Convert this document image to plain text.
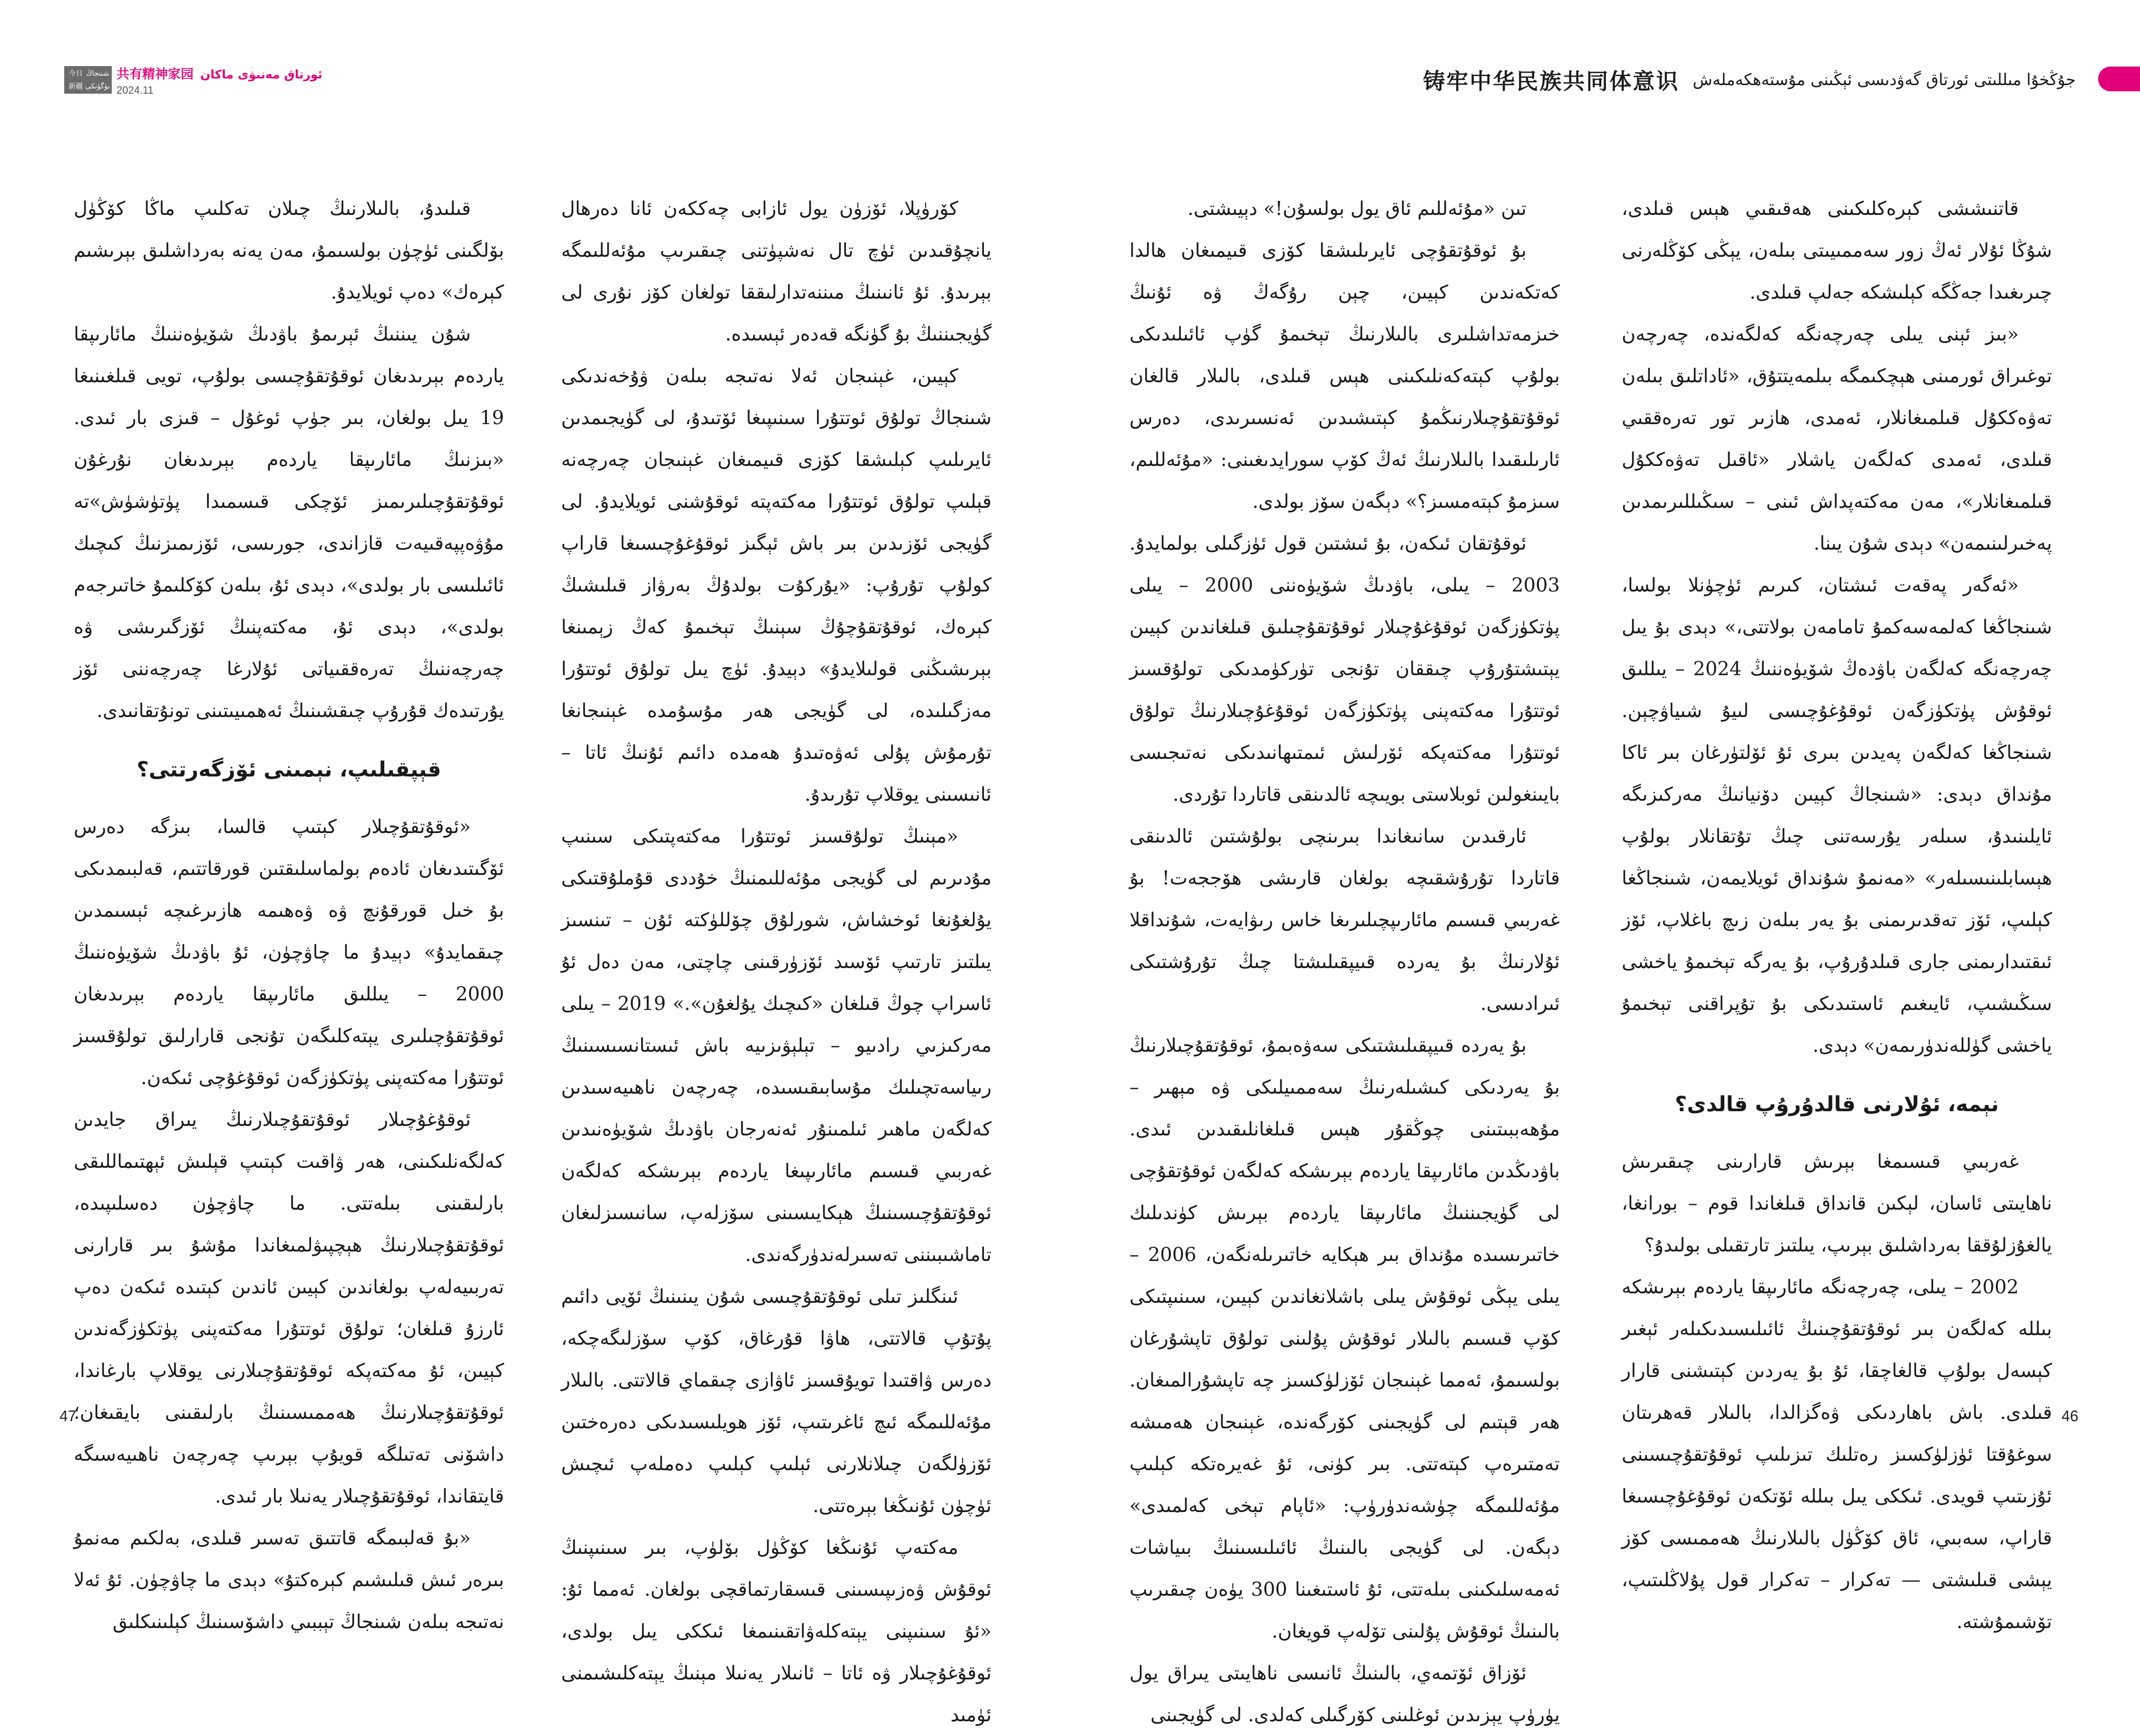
今日 شىنجاڭ
新疆 بۈگۈنكى
共有精神家园 ئورتاق مەنىۋى ماكان
2024.11	铸牢中华民族共同体意识 جۇڭخۇا مىللىتى ئورتاق گەۋدىسى ئېڭىنى مۇستەھكەملەش

قاتنىششى كېرەكلىكىنى ھەقىقىي ھېس قىلدى، شۇڭا ئۇلار ئەڭ زور سەممىيىتى بىلەن، يېڭى كۆڭلەرنى چىرىغىدا جەڭگە كېلىشكە جەلپ قىلدى.

«بىز ئېنى يىلى چەرچەنگە كەلگەندە، چەرچەن توغىراق ئورمىنى ھېچكىمگە بىلمەيتتۇق، «ئاداتلىق بىلەن تەۋەككۇل قىلمىغانلار، ئەمدى، ھازىر تور تەرەققىي قىلدى، ئەمدى كەلگەن ياشلار «ئاقىل تەۋەككۇل قىلمىغانلار»، مەن مەكتەپداش ئىنى – سىڭىللىرىمدىن پەخىرلىنىمەن» دېدى شۇن يىنا.

«ئەگەر پەقەت ئىشتان، كىرىم ئۈچۈنلا بولسا، شىنجاڭغا كەلمەسەكمۇ تامامەن بولاتتى،» دېدى بۇ يىل چەرچەنگە كەلگەن باۋدەڭ شۆيۈەننىڭ 2024 – يىللىق ئوقۇش پۈتكۈزگەن ئوقۇغۇچىسى لىيۇ شىياۋچېن. شىنجاڭغا كەلگەن پەيدىن بىرى ئۇ ئۆلتۈرغان بىر ئاكا مۇنداق دېدى: «شىنجاڭ كېيىن دۆنيانىڭ مەركىزىگە ئايلىنىدۇ، سىلەر يۇرسەتنى چىڭ تۇتقانلار بولۇپ ھېسابلىنىسىلەر» «مەنمۇ شۇنداق ئويلايمەن، شىنجاڭغا كېلىپ، ئۆز تەقدىرىمنى بۇ يەر بىلەن زىچ باغلاپ، ئۆز ئىقتىدارىمنى جارى قىلدۇرۇپ، بۇ يەرگە تېخىمۇ ياخشى سىڭىشىپ، ئايىغىم ئاستىدىكى بۇ تۇپراقنى تېخىمۇ ياخشى گۈللەندۈرىمەن» دېدى.

نېمە، ئۇلارنى قالدۇرۇپ قالدى؟

غەربىي قىسىمغا بېرىش قارارىنى چىقىرىش ناھايىتى ئاسان، لېكىن قانداق قىلغاندا قوم – بورانغا، يالغۇزلۇققا بەرداشلىق بېرىپ، يىلتىز تارتقىلى بولىدۇ؟

2002 – يىلى، چەرچەنگە مائارىپقا ياردەم بېرىشكە بىللە كەلگەن بىر ئوقۇتقۇچىنىڭ ئائىلىسىدىكىلەر ئېغىر كېسەل بولۇپ قالغاچقا، ئۇ بۇ يەردىن كېتىشنى قارار قىلدى. باش باھاردىكى ۋەگزالدا، بالىلار قەھرىتان سوغۇقتا ئۈزلۈكسىز رەتلىك تىزىلىپ ئوقۇتقۇچىسىنى ئۇزىتىپ قويدى. ئىككى يىل بىللە ئۆتكەن ئوقۇغۇچىسىغا قاراپ، سەبىي، ئاق كۆڭۈل بالىلارنىڭ ھەممىسى كۆز يېشى قىلىشتى — تەكرار – تەكرار قول پۇلاڭلىتىپ، تۆشىمۇشتە.

تىن «مۇئەللىم ئاق يول بولسۇن!» دېيىشتى.

بۇ ئوقۇتقۇچى ئايرىلىشقا كۆزى قىيمىغان ھالدا كەتكەندىن كېيىن، چېن رۇگەڭ ۋە ئۇنىڭ خىزمەتداشلىرى بالىلارنىڭ تېخىمۇ گۈپ ئائىلىدىكى بولۇپ كېتەكەنلىكىنى ھېس قىلدى، بالىلار قالغان ئوقۇتقۇچىلارنىڭمۇ كېتىشىدىن ئەنسىرىدى، دەرس ئارىلىقىدا بالىلارنىڭ ئەڭ كۆپ سورايدىغىنى: «مۇئەللىم، سىزمۇ كېتەمسىز؟» دېگەن سۆز بولدى.

ئوقۇتقان ئىكەن، بۇ ئىشتىن قول ئۈزگىلى بولمايدۇ. 2003 – يىلى، باۋدىڭ شۆيۈەننى 2000 – يىلى پۈتكۈزگەن ئوقۇغۇچىلار ئوقۇتقۇچىلىق قىلغاندىن كېيىن يېتىشتۇرۇپ چىققان تۇنجى تۈركۈمدىكى تولۇقسىز ئوتتۇرا مەكتەپنى پۈتكۈزگەن ئوقۇغۇچىلارنىڭ تولۇق ئوتتۇرا مەكتەپكە ئۆرلىش ئىمتىھانىدىكى نەتىجىسى بايىنغولىن ئوبلاستى بويىچە ئالدىنقى قاتاردا تۇردى.

ئارقىدىن سانىغاندا بىرىنچى بولۇشتىن ئالدىنقى قاتاردا تۇرۇشقىچە بولغان قارىشى ھۆججەت! بۇ غەربىي قىسىم مائارىپچىلىرىغا خاس رىۋايەت، شۇنداقلا ئۇلارنىڭ بۇ يەردە قىيپقىلىشتا چىڭ تۇرۇشتىكى ئىرادىسى.

بۇ يەردە قىيپقىلىشتىكى سەۋەبمۇ، ئوقۇتقۇچىلارنىڭ بۇ يەردىكى كىشىلەرنىڭ سەممىيلىكى ۋە مېھىر – مۇھەببىتىنى چوڭقۇر ھېس قىلغانلىقىدىن ئىدى. باۋدىڭدىن مائارىپقا ياردەم بېرىشكە كەلگەن ئوقۇتقۇچى لى گۈيجىننىڭ مائارىپقا ياردەم بېرىش كۈندىلىك خاتىرىسىدە مۇنداق بىر ھېكايە خاتىرىلەنگەن، 2006 – يىلى يېڭى ئوقۇش يىلى باشلانغاندىن كېيىن، سىنىپتىكى كۆپ قىسىم بالىلار ئوقۇش پۇلىنى تولۇق تاپشۇرغان بولسىمۇ، ئەمما غېنىجان ئۆزلۈكسىز چە تاپشۇرالمىغان. ھەر قېتىم لى گۈيجىنى كۆرگەندە، غېنىجان ھەمىشە تەمتىرەپ كېتەتتى. بىر كۈنى، ئۇ غەيرەتكە كېلىپ مۇئەللىمگە چۈشەندۈرۈپ: «ئاپام تېخى كەلمىدى» دېگەن. لى گۈيجى بالىنىڭ ئائىلىسىنىڭ بىياشات ئەمەسلىكىنى بىلەتتى، ئۇ ئاستىغىنا 300 يۈەن چىقىرىپ بالىنىڭ ئوقۇش پۇلىنى تۆلەپ قويغان.

ئۆزاق ئۆتمەي، بالىنىڭ ئانىسى ناھايىتى يىراق يول يۈرۈپ يېزىدىن ئوغلىنى كۆرگىلى كەلدى. لى گۈيجىنى

كۆرۈپلا، ئۆزۈن يول ئازابى چەككەن ئانا دەرھال يانچۇقىدىن ئۈچ تال نەشپۈتنى چىقىرىپ مۇئەللىمگە بېرىدۇ. ئۇ ئانىنىڭ مىننەتدارلىققا تولغان كۆز نۇرى لى گۈيجىننىڭ بۇ گۈنگە قەدەر ئېسىدە.

كېيىن، غېنىجان ئەلا نەتىجە بىلەن ۋۇخەندىكى شىنجاڭ تولۇق ئوتتۇرا سىنىپىغا ئۆتىدۇ، لى گۈيجىمدىن ئايرىلىپ كېلىشقا كۆزى قىيمىغان غېنىجان چەرچەنە قېلىپ تولۇق ئوتتۇرا مەكتەپتە ئوقۇشنى ئويلايدۇ. لى گۈيجى ئۆزىدىن بىر باش ئېگىز ئوقۇغۇچىسىغا قاراپ كولۇپ تۇرۇپ: «يۇركۇت بولدۇڭ بەرۋاز قىلىشىڭ كېرەك، ئوقۇتقۇچۇڭ سېنىڭ تېخىمۇ كەڭ زېمىنغا بېرىشىڭنى قولىلايدۇ» دېيدۇ. ئۈچ يىل تولۇق ئوتتۇرا مەزگىلىدە، لى گۈيجى ھەر مۇسۇمدە غېنىجانغا تۇرمۇش پۇلى ئەۋەتىدۇ ھەمدە دائىم ئۇنىڭ ئاتا – ئانىسىنى يوقلاپ تۇرىدۇ.

«مېنىڭ تولۇقسىز ئوتتۇرا مەكتەپتىكى سىنىپ مۇدىرىم لى گۈيجى مۇئەللىمنىڭ خۇددى قۇملۇقتىكى يۇلغۇنغا ئوخشاش، شورلۇق چۆللۈكتە ئۇن – تىنسىز يىلتىز تارتىپ ئۆسىد ئۆزۈرقىنى چاچتى، مەن دەل ئۇ ئاسراپ چوڭ قىلغان «كىچىك يۇلغۇن».» 2019 – يىلى مەركىزىي رادىيو – تېلېۋىزىيە باش ئىستانسىسىنىڭ رىياسەتچىلىك مۇسابىقىسىدە، چەرچەن ناھىيەسىدىن كەلگەن ماھىر ئىلمىنۇر ئەنەرجان باۋدىڭ شۆيۈەنىدىن غەربىي قىسىم مائارىپىغا ياردەم بېرىشكە كەلگەن ئوقۇتقۇچىسىنىڭ ھېكايىسىنى سۆزلەپ، سانىسىزلىغان تاماشىبىننى تەسىرلەندۈرگەندى.

ئىنگلىز تىلى ئوقۇتقۇچىسى شۇن يىنىنىڭ ئۆيى دائىم پۇتۇپ قالاتتى، ھاۋا قۇرغاق، كۆپ سۆزلىگەچكە، دەرس ۋاقتىدا تويۇقسىز ئاۋازى چىقماي قالاتتى. بالىلار مۇئەللىمگە ئىچ ئاغرىتىپ، ئۆز ھويلىسىدىكى دەرەختىن ئۆزۈلگەن چىلانلارنى ئېلىپ كېلىپ دەملەپ ئىچىش ئۈچۈن ئۇنىڭغا بېرەتتى.

مەكتەپ ئۇنىڭغا كۆڭۈل بۆلۈپ، بىر سىنىپنىڭ ئوقۇش ۋەزىپىسىنى قىسقارتماقچى بولغان. ئەمما ئۇ: «ئۇ سىنىپنى يېتەكلەۋاتقىنىمغا ئىككى يىل بولدى، ئوقۇغۇچىلار ۋە ئاتا – ئانىلار يەنىلا مېنىڭ يېتەكلىشىمنى ئۈمىد

قىلىدۇ، بالىلارنىڭ چىلان تەكلىپ ماڭا كۆڭۈل بۆلگىنى ئۈچۈن بولسىمۇ، مەن يەنە بەرداشلىق بېرىشىم كېرەك» دەپ ئويلايدۇ.

شۇن يىننىڭ ئېرىمۇ باۋدىڭ شۆيۈەننىڭ مائارىپقا ياردەم بېرىدىغان ئوقۇتقۇچىسى بولۇپ، تويى قىلغىنىغا 19 يىل بولغان، بىر جۈپ ئوغۇل – قىزى بار ئىدى. «بىزنىڭ مائارىپقا ياردەم بېرىدىغان نۇرغۇن ئوقۇتقۇچىلىرىمىز ئۆچكى قىسمىدا پۈتۈشۈش»تە مۇۋەپپەقىيەت قازاندى، جورىسى، ئۆزىمىزنىڭ كىچىك ئائىلىسى بار بولدى»، دېدى ئۇ، بىلەن كۆكلىمۇ خاتىرجەم بولدى»، دېدى ئۇ، مەكتەپنىڭ ئۆزگىرىشى ۋە چەرچەننىڭ تەرەققىياتى ئۇلارغا چەرچەننى ئۆز يۇرتىدەك قۇرۇپ چىقشىنىڭ ئەھمىيىتىنى تونۇتقانىدى.

قېپقىلىپ، نېمىنى ئۆزگەرتتى؟

«ئوقۇتقۇچىلار كېتىپ قالسا، بىزگە دەرس ئۆگىتىدىغان ئادەم بولماسلىقتىن قورقاتتىم، قەلبىمدىكى بۇ خىل قورقۇنچ ۋە ۋەھىمە ھازىرغىچە ئېسىمدىن چىقمايدۇ» دېيدۇ ما چاۋچۈن، ئۇ باۋدىڭ شۆيۈەننىڭ 2000 – يىللىق مائارىپقا ياردەم بېرىدىغان ئوقۇتقۇچىلىرى يېتەكلىگەن تۇنجى قارارلىق تولۇقسىز ئوتتۇرا مەكتەپنى پۈتكۈزگەن ئوقۇغۇچى ئىكەن.

ئوقۇغۇچىلار ئوقۇتقۇچىلارنىڭ يىراق جايدىن كەلگەنلىكىنى، ھەر ۋاقىت كېتىپ قېلىش ئېھتىماللىقى بارلىقىنى بىلەتتى. ما چاۋچۈن دەسلىپىدە، ئوقۇتقۇچىلارنىڭ ھېچپىۋلمىغاندا مۇشۇ بىر قارارنى تەربىيەلەپ بولغاندىن كېيىن ئاندىن كېتىدە ئىكەن دەپ ئارزۇ قىلغان؛ تولۇق ئوتتۇرا مەكتەپنى پۈتكۈزگەندىن كېيىن، ئۇ مەكتەپكە ئوقۇتقۇچىلارنى يوقلاپ بارغاندا، ئوقۇتقۇچىلارنىڭ ھەممىسىنىڭ بارلىقىنى بايقىغان؛ داشۆنى تەتىلگە قويۇپ بېرىپ چەرچەن ناھىيەسىگە قايتقاندا، ئوقۇتقۇچىلار يەنىلا بار ئىدى.

«بۇ قەلبىمگە قاتتىق تەسىر قىلدى، بەلكىم مەنمۇ بىرەر ئىش قىلىشىم كېرەكتۇ» دېدى ما چاۋچۈن. ئۇ ئەلا نەتىجە بىلەن شىنجاڭ تېببىي داشۆسىنىڭ كېلىنىكلىق

47	46
